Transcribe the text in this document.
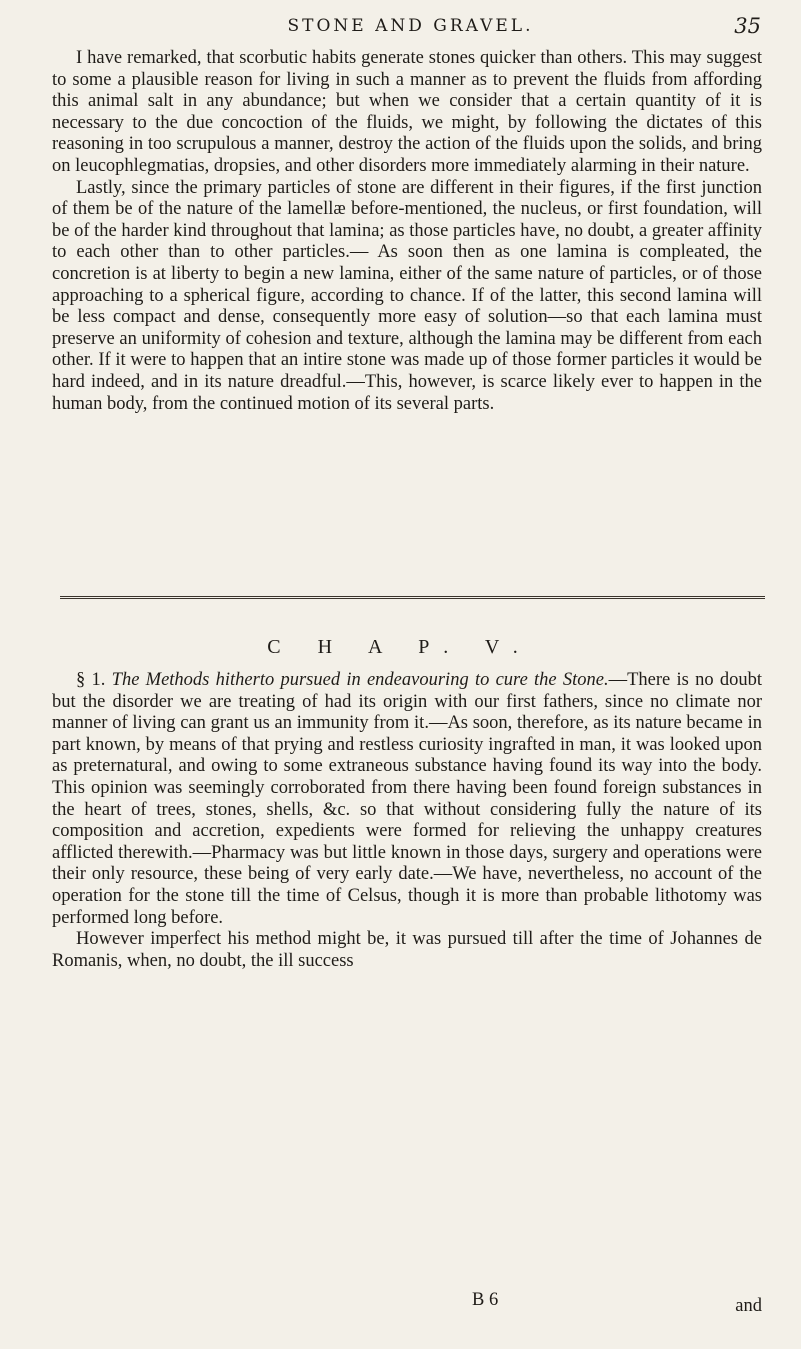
STONE AND GRAVEL.	35

I have remarked, that scorbutic habits generate stones quicker than others. This may suggest to some a plausible reason for living in such a manner as to prevent the fluids from affording this animal salt in any abundance; but when we consider that a certain quantity of it is necessary to the due concoction of the fluids, we might, by following the dictates of this reasoning in too scrupulous a manner, destroy the action of the fluids upon the solids, and bring on leucophlegmatias, dropsies, and other disorders more immediately alarming in their nature.

Lastly, since the primary particles of stone are different in their figures, if the first junction of them be of the nature of the lamellæ before-mentioned, the nucleus, or first foundation, will be of the harder kind throughout that lamina; as those particles have, no doubt, a greater affinity to each other than to other particles.— As soon then as one lamina is compleated, the concretion is at liberty to begin a new lamina, either of the same nature of particles, or of those approaching to a spherical figure, according to chance. If of the latter, this second lamina will be less compact and dense, consequently more easy of solution—so that each lamina must preserve an uniformity of cohesion and texture, although the lamina may be different from each other. If it were to happen that an intire stone was made up of those former particles it would be hard indeed, and in its nature dreadful.—This, however, is scarce likely ever to happen in the human body, from the continued motion of its several parts.

C H A P. V.

§ 1. The Methods hitherto pursued in endeavouring to cure the Stone.—There is no doubt but the disorder we are treating of had its origin with our first fathers, since no climate nor manner of living can grant us an immunity from it.—As soon, therefore, as its nature became in part known, by means of that prying and restless curiosity ingrafted in man, it was looked upon as preternatural, and owing to some extraneous substance having found its way into the body. This opinion was seemingly corroborated from there having been found foreign substances in the heart of trees, stones, shells, &c. so that without considering fully the nature of its composition and accretion, expedients were formed for relieving the unhappy creatures afflicted therewith.—Pharmacy was but little known in those days, surgery and operations were their only resource, these being of very early date.—We have, nevertheless, no account of the operation for the stone till the time of Celsus, though it is more than probable lithotomy was performed long before.

However imperfect his method might be, it was pursued till after the time of Johannes de Romanis, when, no doubt, the ill success

B 6	and
